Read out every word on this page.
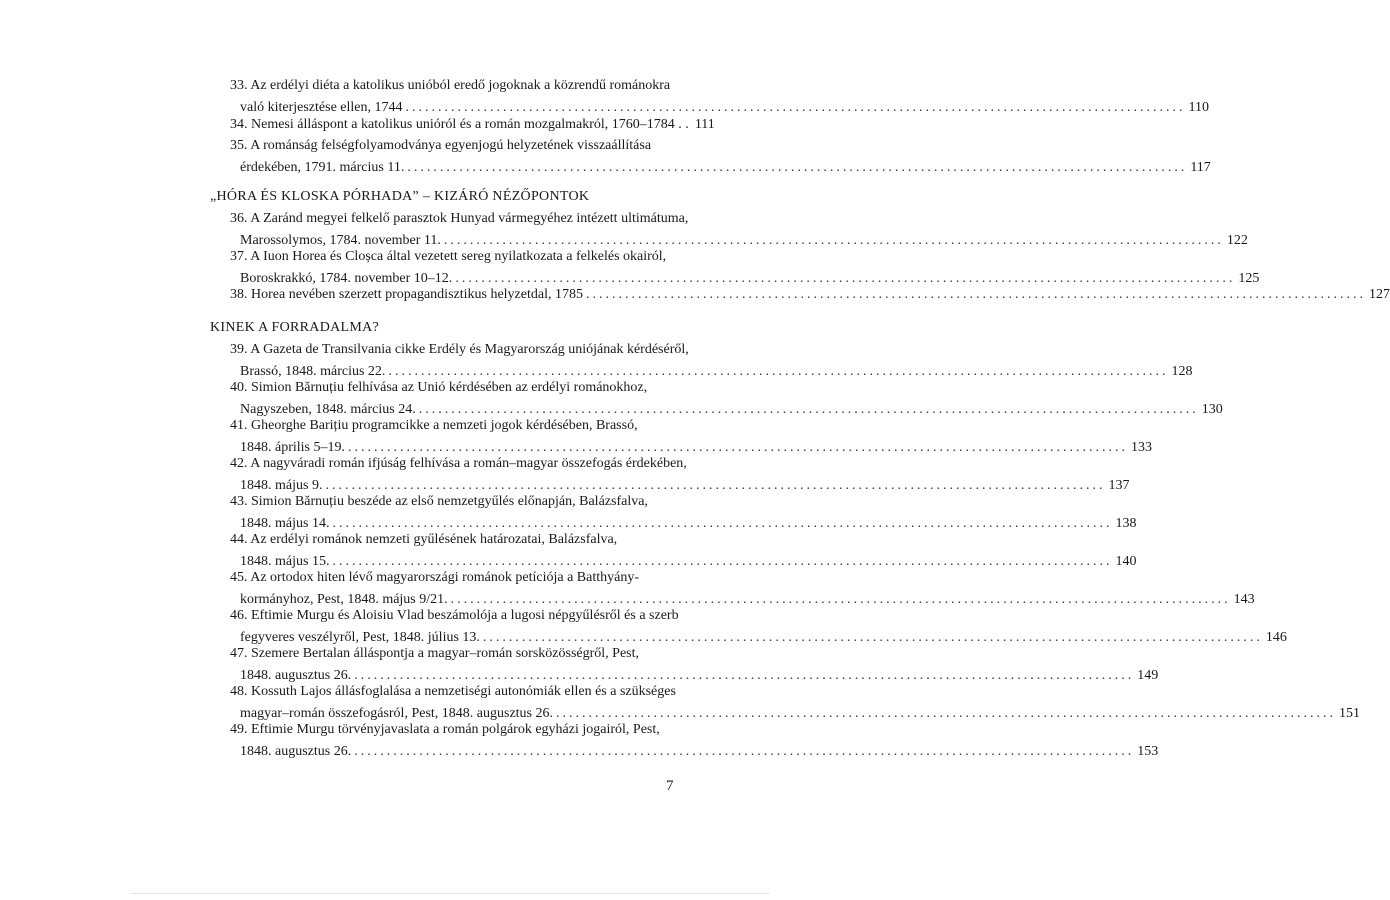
33. Az erdélyi diéta a katolikus unióból eredő jogoknak a közrendű románokra
való kiterjesztése ellen, 1744 ........................................................................................................................ 110
34. Nemesi álláspont a katolikus unióról és a román mozgalmakról, 1760–1784 . . 111
35. A románság felségfolyamodványa egyenjogú helyzetének visszaállítása
érdekében, 1791. március 11. ........................................................................................................................ 117
„HÓRA ÉS KLOSKA PÓRHADA” – KIZÁRÓ NÉZŐPONTOK
36. A Zaránd megyei felkelő parasztok Hunyad vármegyéhez intézett ultimátuma,
Marossolymos, 1784. november 11. ........................................................................................................................ 122
37. A Iuon Horea és Cloșca által vezetett sereg nyilatkozata a felkelés okairól,
Boroskrakkó, 1784. november 10–12. ........................................................................................................................ 125
38. Horea nevében szerzett propagandisztikus helyzetdal, 1785 ........................................................................................................................ 127
KINEK A FORRADALMA?
39. A Gazeta de Transilvania cikke Erdély és Magyarország uniójának kérdéséről,
Brassó, 1848. március 22. ........................................................................................................................ 128
40. Simion Bărnuțiu felhívása az Unió kérdésében az erdélyi románokhoz,
Nagyszeben, 1848. március 24. ........................................................................................................................ 130
41. Gheorghe Barițiu programcikke a nemzeti jogok kérdésében, Brassó,
1848. április 5–19. ........................................................................................................................ 133
42. A nagyváradi román ifjúság felhívása a román–magyar összefogás érdekében,
1848. május 9. ........................................................................................................................ 137
43. Simion Bărnuțiu beszéde az első nemzetgyűlés előnapján, Balázsfalva,
1848. május 14. ........................................................................................................................ 138
44. Az erdélyi románok nemzeti gyűlésének határozatai, Balázsfalva,
1848. május 15. ........................................................................................................................ 140
45. Az ortodox hiten lévő magyarországi románok petíciója a Batthyány-
kormányhoz, Pest, 1848. május 9/21. ........................................................................................................................ 143
46. Eftimie Murgu és Aloisiu Vlad beszámolója a lugosi népgyűlésről és a szerb
fegyveres veszélyről, Pest, 1848. július 13. ........................................................................................................................ 146
47. Szemere Bertalan álláspontja a magyar–román sorsközösségről, Pest,
1848. augusztus 26. ........................................................................................................................ 149
48. Kossuth Lajos állásfoglalása a nemzetiségi autonómiák ellen és a szükséges
magyar–román összefogásról, Pest, 1848. augusztus 26. ........................................................................................................................ 151
49. Eftimie Murgu törvényjavaslata a román polgárok egyházi jogairól, Pest,
1848. augusztus 26. ........................................................................................................................ 153
7
